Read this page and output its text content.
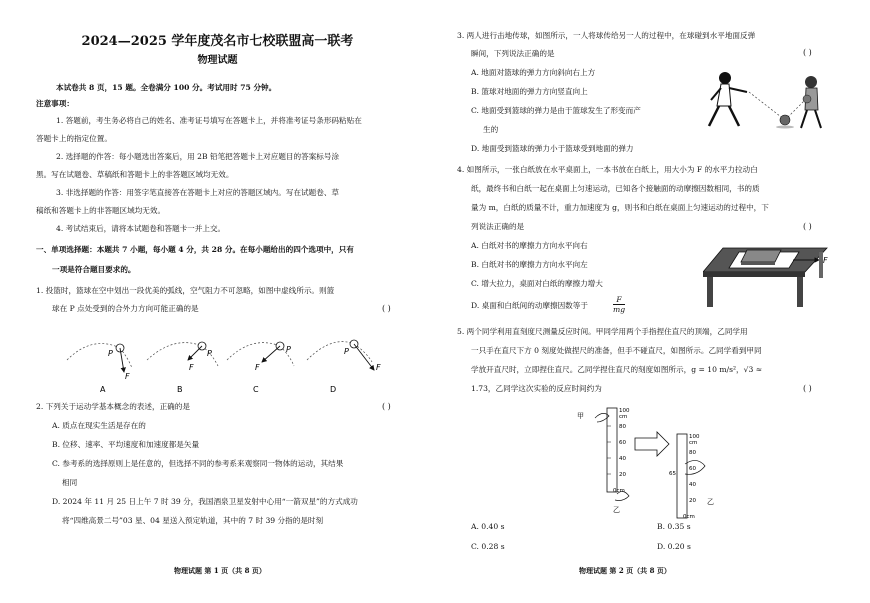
2024—2025 学年度茂名市七校联盟高一联考
物理试题
本试卷共 8 页，15 题。全卷满分 100 分。考试用时 75 分钟。
注意事项：
1. 答题前，考生务必将自己的姓名、准考证号填写在答题卡上，并将准考证号条形码粘贴在
答题卡上的指定位置。
2. 选择题的作答：每小题选出答案后，用 2B 铅笔把答题卡上对应题目的答案标号涂
黑。写在试题卷、草稿纸和答题卡上的非答题区域均无效。
3. 非选择题的作答：用签字笔直接答在答题卡上对应的答题区域内。写在试题卷、草
稿纸和答题卡上的非答题区域均无效。
4. 考试结束后，请将本试题卷和答题卡一并上交。
一、单项选择题：本题共 7 小题，每小题 4 分，共 28 分。在每小题给出的四个选项中，只有
一项是符合题目要求的。
1. 投篮时，篮球在空中划出一段优美的弧线，空气阻力不可忽略，如图中虚线所示。则篮
球在 P 点处受到的合外力方向可能正确的是	( )
P
F
F
P
F
P	P
F
A	B	C	D
2. 下列关于运动学基本概念的表述，正确的是	( )
A. 质点在现实生活是存在的
B. 位移、速率、平均速度和加速度都是矢量
C. 参考系的选择原则上是任意的，但选择不同的参考系来观察同一物体的运动，其结果
相同
D. 2024 年 11 月 25 日上午 7 时 39 分，我国酒泉卫星发射中心用“一箭双星”的方式成功
将“四维高景二号”03 星、04 星送入预定轨道，其中的 7 时 39 分指的是时刻
物理试题 第 1 页（共 8 页）
3. 两人进行击地传球，如图所示，一人将球传给另一人的过程中，在球碰到水平地面反弹
瞬间，下列说法正确的是	( )
A. 地面对篮球的弹力方向斜向右上方
B. 篮球对地面的弹力方向竖直向上
C. 地面受到篮球的弹力是由于篮球发生了形变而产
生的
D. 地面受到篮球的弹力小于篮球受到地面的弹力
4. 如图所示，一张白纸放在水平桌面上，一本书放在白纸上，用大小为 F 的水平力拉动白
纸，最终书和白纸一起在桌面上匀速运动，已知各个接触面的动摩擦因数相同，书的质
量为 m，白纸的质量不计，重力加速度为 g，则书和白纸在桌面上匀速运动的过程中，下
列说法正确的是	( )
A. 白纸对书的摩擦力方向水平向右
B. 白纸对书的摩擦力方向水平向左
C. 增大拉力，桌面对白纸的摩擦力增大
D. 桌面和白纸间的动摩擦因数等于	$\frac{F}{mg}$
F
5. 两个同学利用直刻度尺测量反应时间。甲同学用两个手指捏住直尺的顶端，乙同学用
一只手在直尺下方 0 刻度处做捏尺的准备，但手不碰直尺，如图所示。乙同学看到甲同
学放开直尺时，立即捏住直尺。乙同学捏住直尺的刻度如图所示，g = 10 m/s²，√3 ≈
1.73，乙同学这次实验的反应时间约为	( )
100
cm
80
60
40
20
0cm
甲
乙
100
cm
80
60
40
20
0cm
65
乙
A. 0.40 s	B. 0.35 s
C. 0.28 s	D. 0.20 s
物理试题 第 2 页（共 8 页）
